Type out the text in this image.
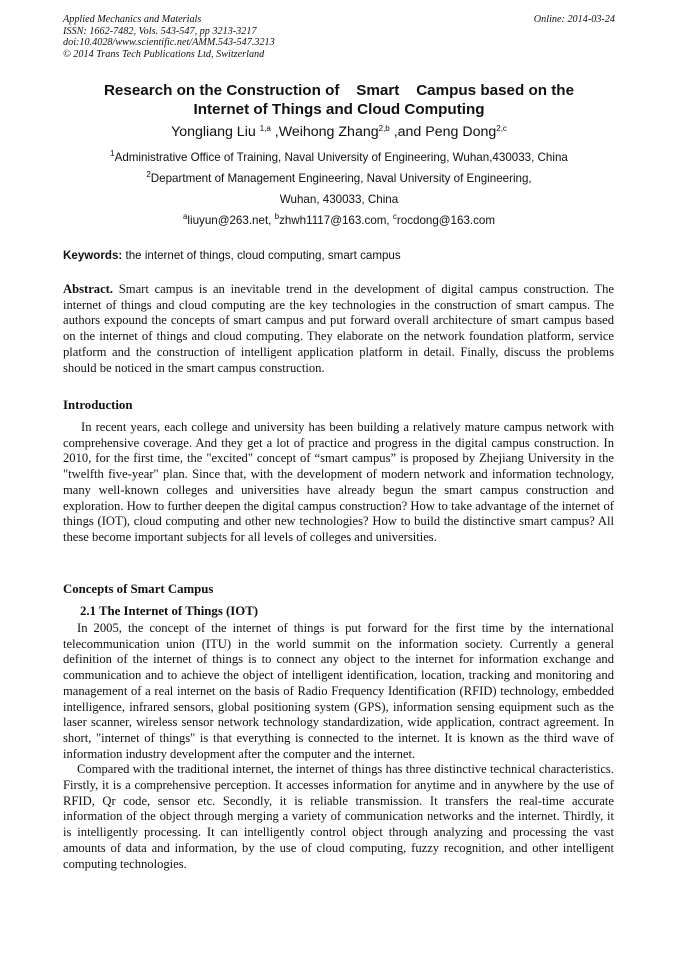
Applied Mechanics and Materials
ISSN: 1662-7482, Vols. 543-547, pp 3213-3217
doi:10.4028/www.scientific.net/AMM.543-547.3213
© 2014 Trans Tech Publications Ltd, Switzerland
Online: 2014-03-24
Research on the Construction of    Smart    Campus based on the
Internet of Things and Cloud Computing
Yongliang Liu $^{1,a}$ ,Weihong Zhang$^{2,b}$ ,and Peng Dong$^{2,c}$
$^1$Administrative Office of Training, Naval University of Engineering, Wuhan,430033, China
$^2$Department of Management Engineering, Naval University of Engineering,
Wuhan, 430033, China
$^a$liuyun@263.net, $^b$zhwh1117@163.com, $^c$rocdong@163.com
Keywords: the internet of things, cloud computing, smart campus

Abstract. Smart campus is an inevitable trend in the development of digital campus construction. The internet of things and cloud computing are the key technologies in the construction of smart campus. The authors expound the concepts of smart campus and put forward overall architecture of smart campus based on the internet of things and cloud computing. They elaborate on the network foundation platform, service platform and the construction of intelligent application platform in detail. Finally, discuss the problems should be noticed in the smart campus construction.

Introduction

In recent years, each college and university has been building a relatively mature campus network with comprehensive coverage. And they get a lot of practice and progress in the digital campus construction. In 2010, for the first time, the "excited" concept of “smart campus” is proposed by Zhejiang University in the "twelfth five-year" plan. Since that, with the development of modern network and information technology, many well-known colleges and universities have already begun the smart campus construction and exploration. How to further deepen the digital campus construction? How to take advantage of the internet of things (IOT), cloud computing and other new technologies? How to build the distinctive smart campus? All these become important subjects for all levels of colleges and universities.

Concepts of Smart Campus
2.1 The Internet of Things (IOT)

In 2005, the concept of the internet of things is put forward for the first time by the international telecommunication union (ITU) in the world summit on the information society. Currently a general definition of the internet of things is to connect any object to the internet for information exchange and communication and to achieve the object of intelligent identification, location, tracking and monitoring and management of a real internet on the basis of Radio Frequency Identification (RFID) technology, embedded intelligence, infrared sensors, global positioning system (GPS), information sensing equipment such as the laser scanner, wireless sensor network technology standardization, wide application, contract agreement. In short, "internet of things" is that everything is connected to the internet. It is known as the third wave of information industry development after the computer and the internet.

Compared with the traditional internet, the internet of things has three distinctive technical characteristics. Firstly, it is a comprehensive perception. It accesses information for anytime and in anywhere by the use of RFID, Qr code, sensor etc. Secondly, it is reliable transmission. It transfers the real-time accurate information of the object through merging a variety of communication networks and the internet. Thirdly, it is intelligently processing. It can intelligently control object through analyzing and processing the vast amounts of data and information, by the use of cloud computing, fuzzy recognition, and other intelligent computing technologies.
